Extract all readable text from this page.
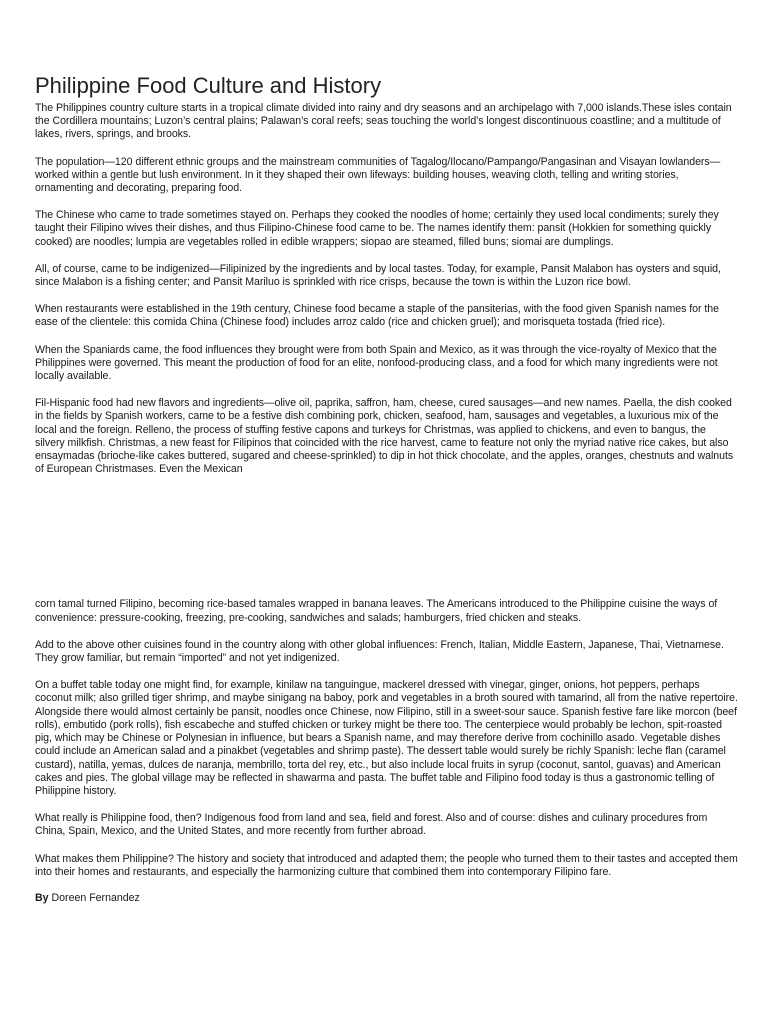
Philippine Food Culture and History

The Philippines country culture starts in a tropical climate divided into rainy and dry seasons and an archipelago with 7,000 islands.These isles contain the Cordillera mountains; Luzon’s central plains; Palawan’s coral reefs; seas touching the world’s longest discontinuous coastline; and a multitude of lakes, rivers, springs, and brooks.

The population—120 different ethnic groups and the mainstream communities of Tagalog/Ilocano/Pampango/Pangasinan and Visayan lowlanders—worked within a gentle but lush environment. In it they shaped their own lifeways: building houses, weaving cloth, telling and writing stories, ornamenting and decorating, preparing food.

The Chinese who came to trade sometimes stayed on. Perhaps they cooked the noodles of home; certainly they used local condiments; surely they taught their Filipino wives their dishes, and thus Filipino-Chinese food came to be. The names identify them: pansit (Hokkien for something quickly cooked) are noodles; lumpia are vegetables rolled in edible wrappers; siopao are steamed, filled buns; siomai are dumplings.

All, of course, came to be indigenized—Filipinized by the ingredients and by local tastes. Today, for example, Pansit Malabon has oysters and squid, since Malabon is a fishing center; and Pansit Mariluo is sprinkled with rice crisps, because the town is within the Luzon rice bowl.

When restaurants were established in the 19th century, Chinese food became a staple of the pansiterias, with the food given Spanish names for the ease of the clientele: this comida China (Chinese food) includes arroz caldo (rice and chicken gruel); and morisqueta tostada (fried rice).

When the Spaniards came, the food influences they brought were from both Spain and Mexico, as it was through the vice-royalty of Mexico that the Philippines were governed. This meant the production of food for an elite, nonfood-producing class, and a food for which many ingredients were not locally available.

Fil-Hispanic food had new flavors and ingredients—olive oil, paprika, saffron, ham, cheese, cured sausages—and new names. Paella, the dish cooked in the fields by Spanish workers, came to be a festive dish combining pork, chicken, seafood, ham, sausages and vegetables, a luxurious mix of the local and the foreign. Relleno, the process of stuffing festive capons and turkeys for Christmas, was applied to chickens, and even to bangus, the silvery milkfish. Christmas, a new feast for Filipinos that coincided with the rice harvest, came to feature not only the myriad native rice cakes, but also ensaymadas (brioche-like cakes buttered, sugared and cheese-sprinkled) to dip in hot thick chocolate, and the apples, oranges, chestnuts and walnuts of European Christmases. Even the Mexican

corn tamal turned Filipino, becoming rice-based tamales wrapped in banana leaves. The Americans introduced to the Philippine cuisine the ways of convenience: pressure-cooking, freezing, pre-cooking, sandwiches and salads; hamburgers, fried chicken and steaks.

Add to the above other cuisines found in the country along with other global influences: French, Italian, Middle Eastern, Japanese, Thai, Vietnamese. They grow familiar, but remain “imported” and not yet indigenized.

On a buffet table today one might find, for example, kinilaw na tanguingue, mackerel dressed with vinegar, ginger, onions, hot peppers, perhaps coconut milk; also grilled tiger shrimp, and maybe sinigang na baboy, pork and vegetables in a broth soured with tamarind, all from the native repertoire. Alongside there would almost certainly be pansit, noodles once Chinese, now Filipino, still in a sweet-sour sauce. Spanish festive fare like morcon (beef rolls), embutido (pork rolls), fish escabeche and stuffed chicken or turkey might be there too. The centerpiece would probably be lechon, spit-roasted pig, which may be Chinese or Polynesian in influence, but bears a Spanish name, and may therefore derive from cochinillo asado. Vegetable dishes could include an American salad and a pinakbet (vegetables and shrimp paste). The dessert table would surely be richly Spanish: leche flan (caramel custard), natilla, yemas, dulces de naranja, membrillo, torta del rey, etc., but also include local fruits in syrup (coconut, santol, guavas) and American cakes and pies. The global village may be reflected in shawarma and pasta. The buffet table and Filipino food today is thus a gastronomic telling of Philippine history.

What really is Philippine food, then? Indigenous food from land and sea, field and forest. Also and of course: dishes and culinary procedures from China, Spain, Mexico, and the United States, and more recently from further abroad.

What makes them Philippine? The history and society that introduced and adapted them; the people who turned them to their tastes and accepted them into their homes and restaurants, and especially the harmonizing culture that combined them into contemporary Filipino fare.

By Doreen Fernandez
